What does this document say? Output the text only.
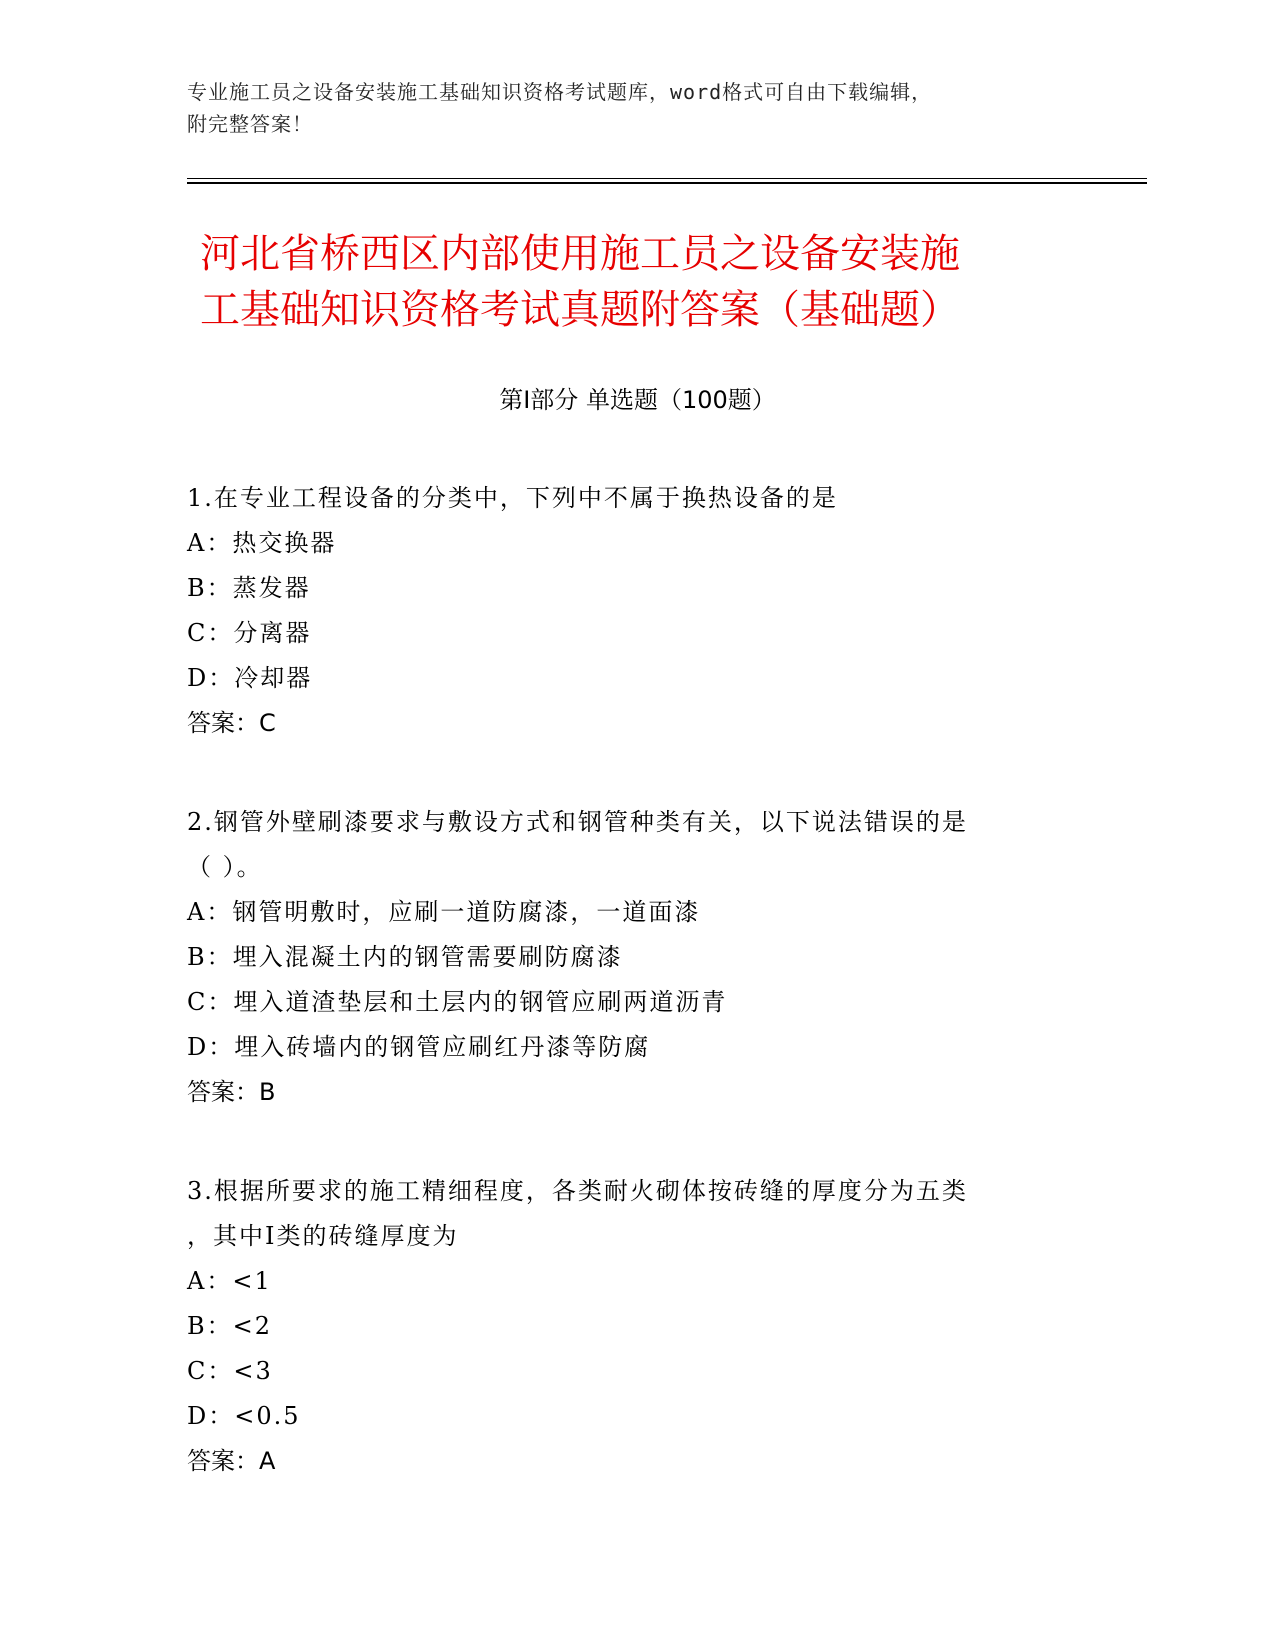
专业施工员之设备安装施工基础知识资格考试题库，word格式可自由下载编辑，
附完整答案！
河北省桥西区内部使用施工员之设备安装施
工基础知识资格考试真题附答案（基础题）
第Ⅰ部分 单选题（100题）

1.在专业工程设备的分类中，下列中不属于换热设备的是

A：热交换器

B：蒸发器

C：分离器

D：冷却器

答案：C

2.钢管外壁刷漆要求与敷设方式和钢管种类有关，以下说法错误的是

（ ）。

A：钢管明敷时，应刷一道防腐漆，一道面漆

B：埋入混凝土内的钢管需要刷防腐漆

C：埋入道渣垫层和土层内的钢管应刷两道沥青

D：埋入砖墙内的钢管应刷红丹漆等防腐

答案：B

3.根据所要求的施工精细程度，各类耐火砌体按砖缝的厚度分为五类

，其中Ⅰ类的砖缝厚度为

A：<1

B：<2

C：<3

D：<0.5

答案：A
